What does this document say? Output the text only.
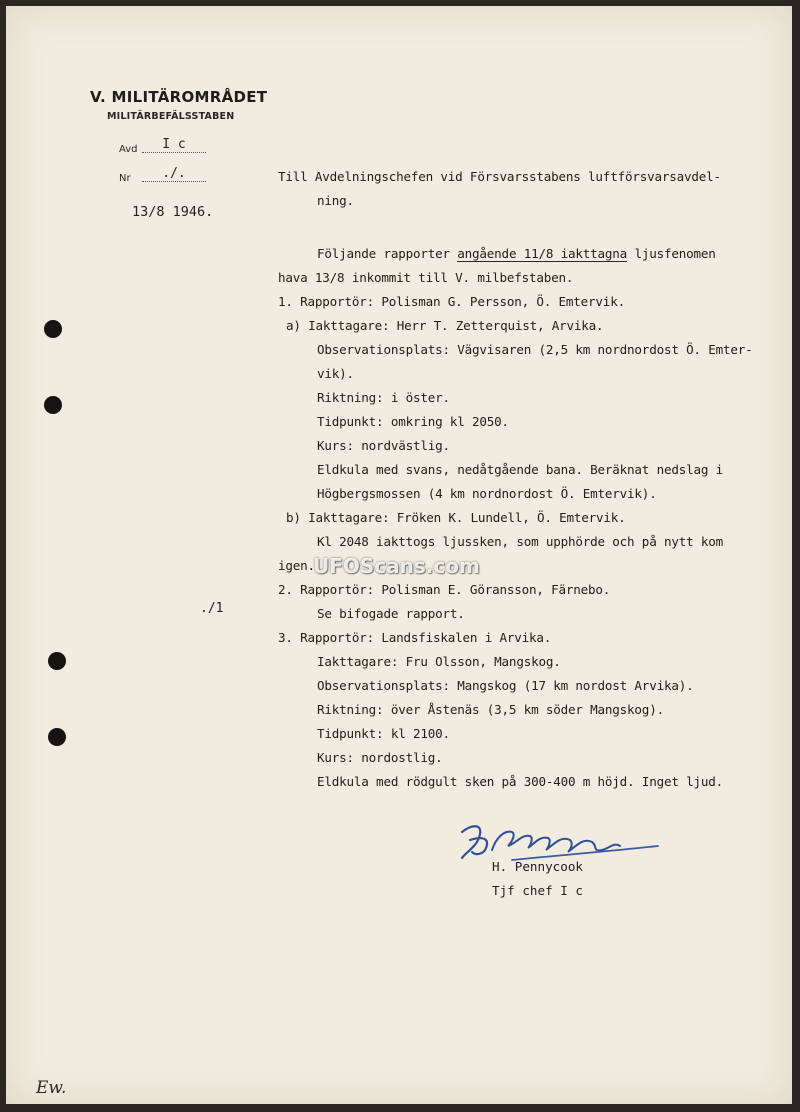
V. MILITÄROMRÅDET
MILITÄRBEFÄLSSTABEN
Avd	I c
Nr	./.
13/8 1946.
Till Avdelningschefen vid Försvarsstabens luftförsvarsavdel-
ning.
Följande rapporter angående 11/8 iakttagna ljusfenomen
hava 13/8 inkommit till V. milbefstaben.
1. Rapportör: Polisman G. Persson, Ö. Emtervik.
a) Iakttagare: Herr T. Zetterquist, Arvika.
Observationsplats: Vägvisaren (2,5 km nordnordost Ö. Emter-
vik).
Riktning: i öster.
Tidpunkt: omkring kl 2050.
Kurs: nordvästlig.
Eldkula med svans, nedåtgående bana. Beräknat nedslag i
Högbergsmossen (4 km nordnordost Ö. Emtervik).
b) Iakttagare: Fröken K. Lundell, Ö. Emtervik.
Kl 2048 iakttogs ljussken, som upphörde och på nytt kom
igen.
2. Rapportör: Polisman E. Göransson, Färnebo.
Se bifogade rapport.
3. Rapportör: Landsfiskalen i Arvika.
Iakttagare: Fru Olsson, Mangskog.
Observationsplats: Mangskog (17 km nordost Arvika).
Riktning: över Åstenäs (3,5 km söder Mangskog).
Tidpunkt: kl 2100.
Kurs: nordostlig.
Eldkula med rödgult sken på 300-400 m höjd. Inget ljud.
./1
H. Pennycook
Tjf chef I c
UFOScans.com
Ew.
